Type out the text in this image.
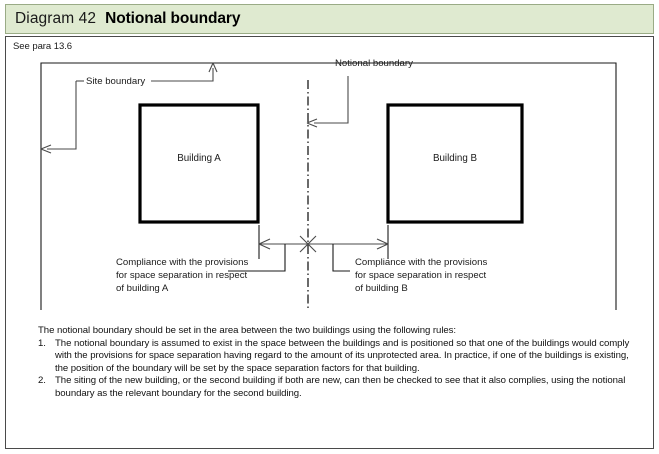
Diagram 42 Notional boundary
See para 13.6
Site boundary
Building A	Building B
Notional boundary
Compliance with the provisions
for space separation in respect
of building A
Compliance with the provisions
for space separation in respect
of building B

The notional boundary should be set in the area between the two buildings using the following rules:

1. The notional boundary is assumed to exist in the space between the buildings and is positioned so that one of the buildings would comply with the provisions for space separation having regard to the amount of its unprotected area. In practice, if one of the buildings is existing, the position of the boundary will be set by the space separation factors for that building.
2. The siting of the new building, or the second building if both are new, can then be checked to see that it also complies, using the notional boundary as the relevant boundary for the second building.
